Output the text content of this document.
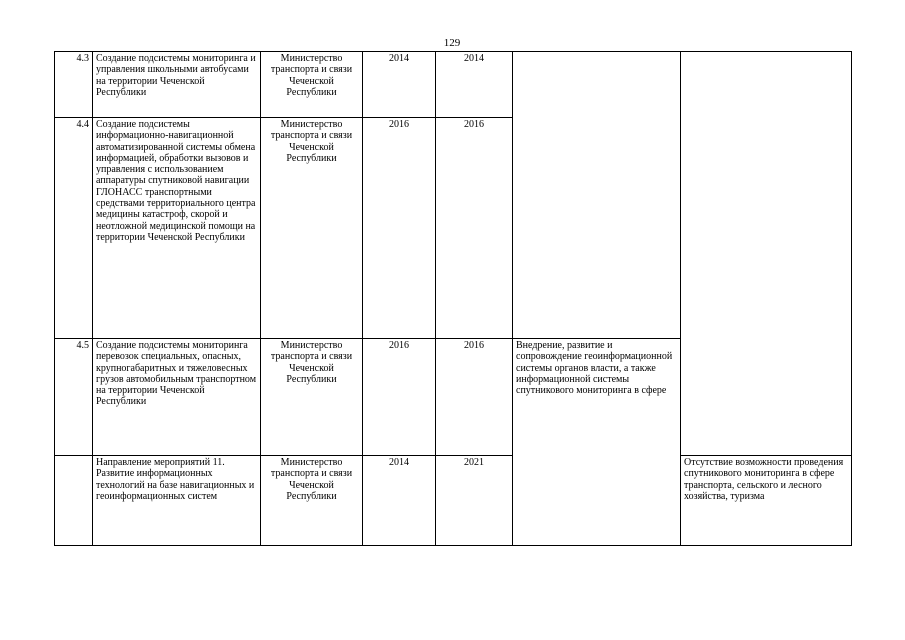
129
4.3	Создание подсистемы мониторинга и управления школьными автобусами на территории Чеченской Республики	Министерство транспорта и связи Чеченской Республики	2014	2014		
4.4	Создание подсистемы информационно-навигационной автоматизированной системы обмена информацией, обработки вызовов и управления с использованием аппаратуры спутниковой навигации ГЛОНАСС транспортными средствами территориального центра медицины катастроф, скорой и неотложной медицинской помощи на территории Чеченской Республики	Министерство транспорта и связи Чеченской Республики	2016	2016		
4.5	Создание подсистемы мониторинга перевозок специальных, опасных, крупногабаритных и тяжеловесных грузов автомобильным транспортном на территории Чеченской Республики	Министерство транспорта и связи Чеченской Республики	2016	2016	Внедрение, развитие и сопровождение геоинформационной системы органов власти, а также информационной системы спутникового мониторинга в сфере	
	Направление мероприятий 11. Развитие информационных технологий на базе навигационных и геоинформационных систем	Министерство транспорта и связи Чеченской Республики	2014	2021		Отсутствие возможности проведения спутникового мониторинга в сфере транспорта, сельского и лесного хозяйства, туризма
